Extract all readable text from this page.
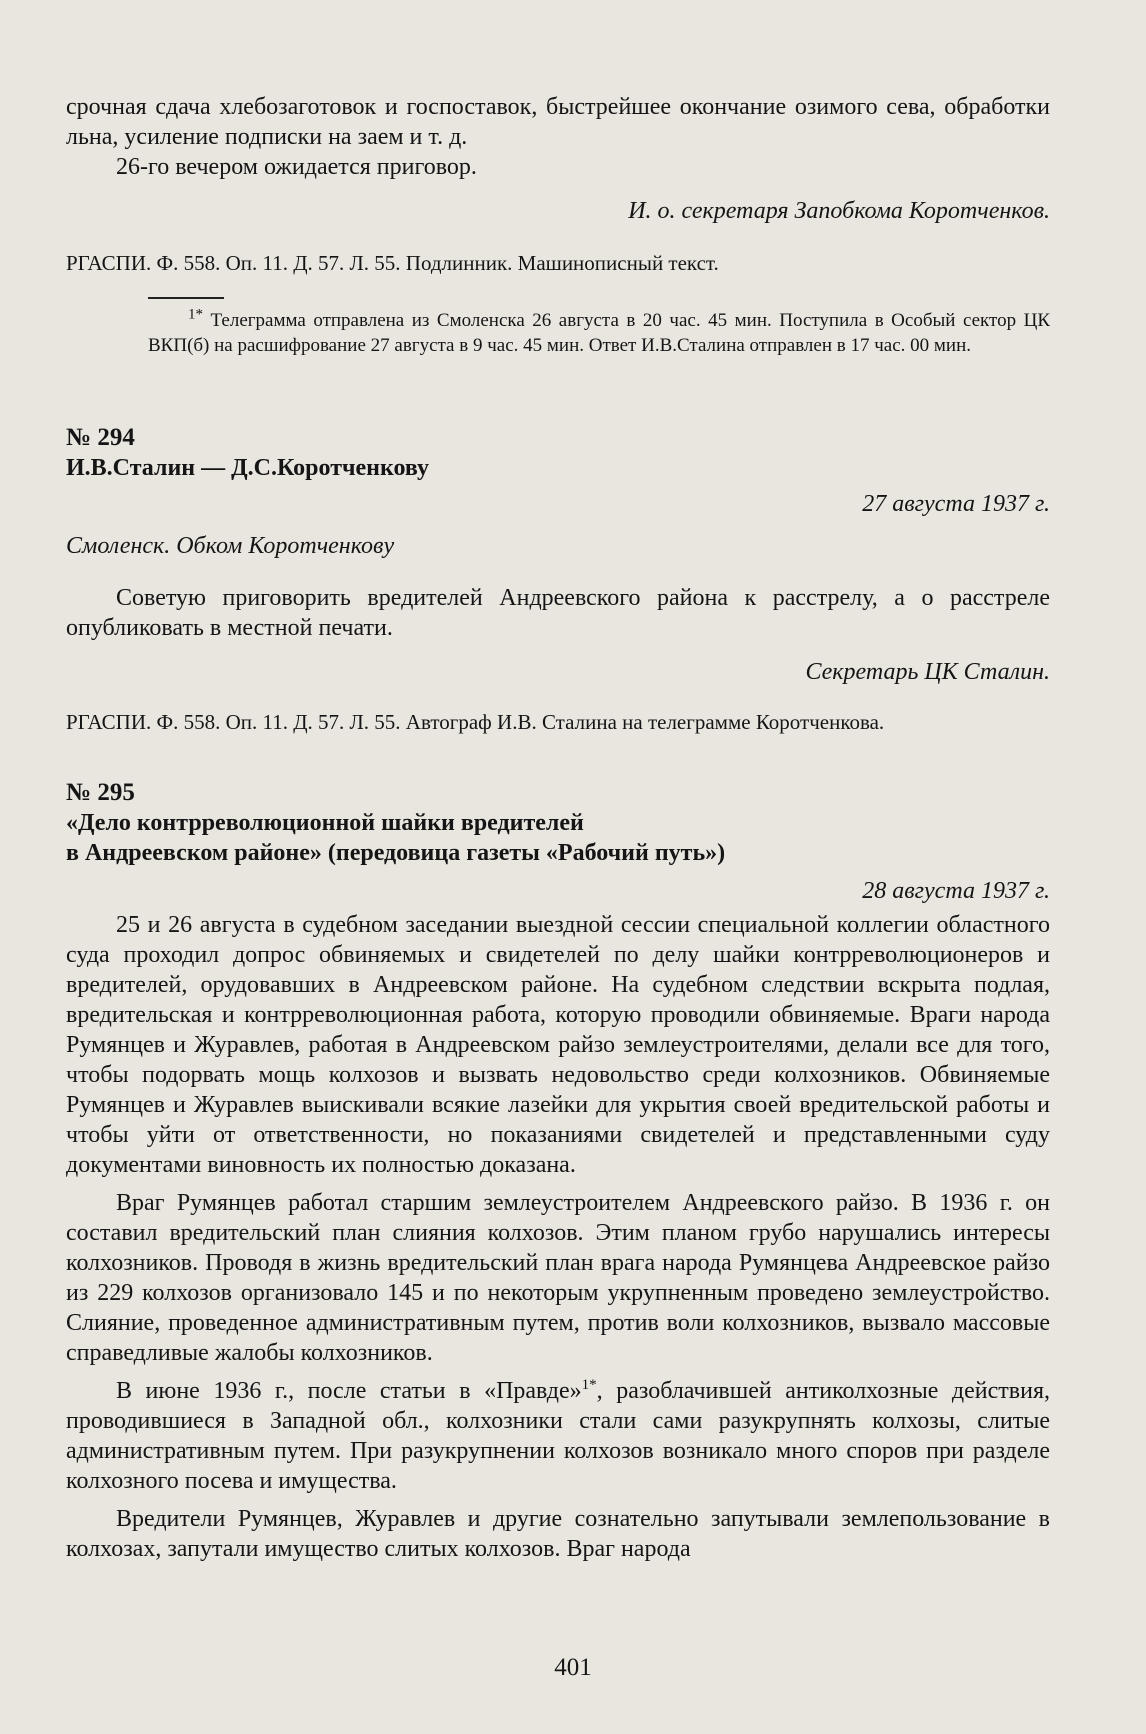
срочная сдача хлебозаготовок и госпоставок, быстрейшее окончание озимого сева, обработки льна, усиление подписки на заем и т. д.

26-го вечером ожидается приговор.

И. о. секретаря Запобкома Коротченков.

РГАСПИ. Ф. 558. Оп. 11. Д. 57. Л. 55. Подлинник. Машинописный текст.

$^{1*}$ Телеграмма отправлена из Смоленска 26 августа в 20 час. 45 мин. Поступила в Особый сектор ЦК ВКП(б) на расшифрование 27 августа в 9 час. 45 мин. Ответ И.В.Сталина отправлен в 17 час. 00 мин.

№ 294

И.В.Сталин — Д.С.Коротченкову

27 августа 1937 г.

Смоленск. Обком Коротченкову

Советую приговорить вредителей Андреевского района к расстрелу, а о расстреле опубликовать в местной печати.

Секретарь ЦК Сталин.

РГАСПИ. Ф. 558. Оп. 11. Д. 57. Л. 55. Автограф И.В. Сталина на телеграмме Коротченкова.

№ 295

«Дело контрреволюционной шайки вредителей

в Андреевском районе» (передовица газеты «Рабочий путь»)

28 августа 1937 г.

25 и 26 августа в судебном заседании выездной сессии специальной коллегии областного суда проходил допрос обвиняемых и свидетелей по делу шайки контрреволюционеров и вредителей, орудовавших в Андреевском районе. На судебном следствии вскрыта подлая, вредительская и контрреволюционная работа, которую проводили обвиняемые. Враги народа Румянцев и Журавлев, работая в Андреевском райзо землеустроителями, делали все для того, чтобы подорвать мощь колхозов и вызвать недовольство среди колхозников. Обвиняемые Румянцев и Журавлев выискивали всякие лазейки для укрытия своей вредительской работы и чтобы уйти от ответственности, но показаниями свидетелей и представленными суду документами виновность их полностью доказана.

Враг Румянцев работал старшим землеустроителем Андреевского райзо. В 1936 г. он составил вредительский план слияния колхозов. Этим планом грубо нарушались интересы колхозников. Проводя в жизнь вредительский план врага народа Румянцева Андреевское райзо из 229 колхозов организовало 145 и по некоторым укрупненным проведено землеустройство. Слияние, проведенное административным путем, против воли колхозников, вызвало массовые справедливые жалобы колхозников.

В июне 1936 г., после статьи в «Правде»$^{1*}$, разоблачившей антиколхозные действия, проводившиеся в Западной обл., колхозники стали сами разукрупнять колхозы, слитые административным путем. При разукрупнении колхозов возникало много споров при разделе колхозного посева и имущества.

Вредители Румянцев, Журавлев и другие сознательно запутывали землепользование в колхозах, запутали имущество слитых колхозов. Враг народа

401
